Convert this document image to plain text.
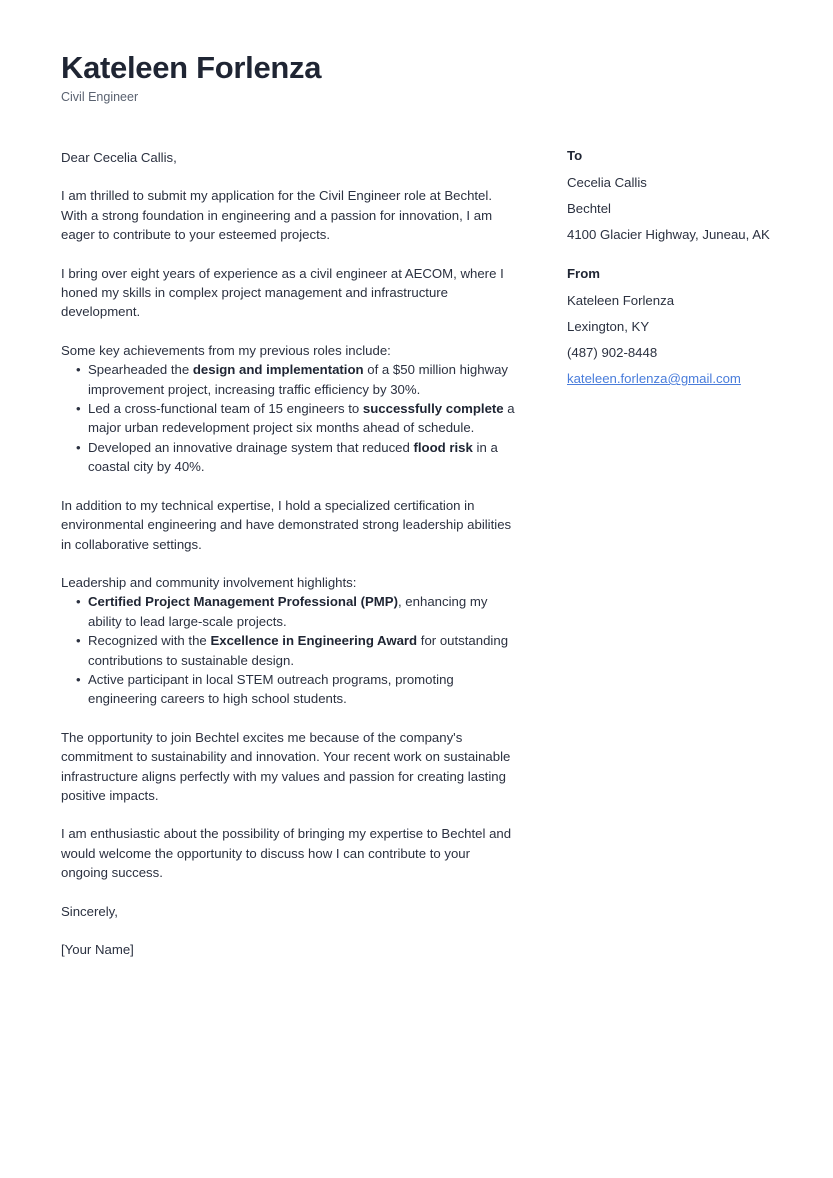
Kateleen Forlenza
Civil Engineer

Dear Cecelia Callis,

I am thrilled to submit my application for the Civil Engineer role at Bechtel. With a strong foundation in engineering and a passion for innovation, I am eager to contribute to your esteemed projects.

I bring over eight years of experience as a civil engineer at AECOM, where I honed my skills in complex project management and infrastructure development.

Some key achievements from my previous roles include:

• Spearheaded the design and implementation of a $50 million highway improvement project, increasing traffic efficiency by 30%.
• Led a cross-functional team of 15 engineers to successfully complete a major urban redevelopment project six months ahead of schedule.
• Developed an innovative drainage system that reduced flood risk in a coastal city by 40%.

In addition to my technical expertise, I hold a specialized certification in environmental engineering and have demonstrated strong leadership abilities in collaborative settings.

Leadership and community involvement highlights:

• Certified Project Management Professional (PMP), enhancing my ability to lead large-scale projects.
• Recognized with the Excellence in Engineering Award for outstanding contributions to sustainable design.
• Active participant in local STEM outreach programs, promoting engineering careers to high school students.

The opportunity to join Bechtel excites me because of the company's commitment to sustainability and innovation. Your recent work on sustainable infrastructure aligns perfectly with my values and passion for creating lasting positive impacts.

I am enthusiastic about the possibility of bringing my expertise to Bechtel and would welcome the opportunity to discuss how I can contribute to your ongoing success.

Sincerely,

[Your Name]

To
Cecelia Callis
Bechtel
4100 Glacier Highway, Juneau, AK
From
Kateleen Forlenza
Lexington, KY
(487) 902-8448
kateleen.forlenza@gmail.com
